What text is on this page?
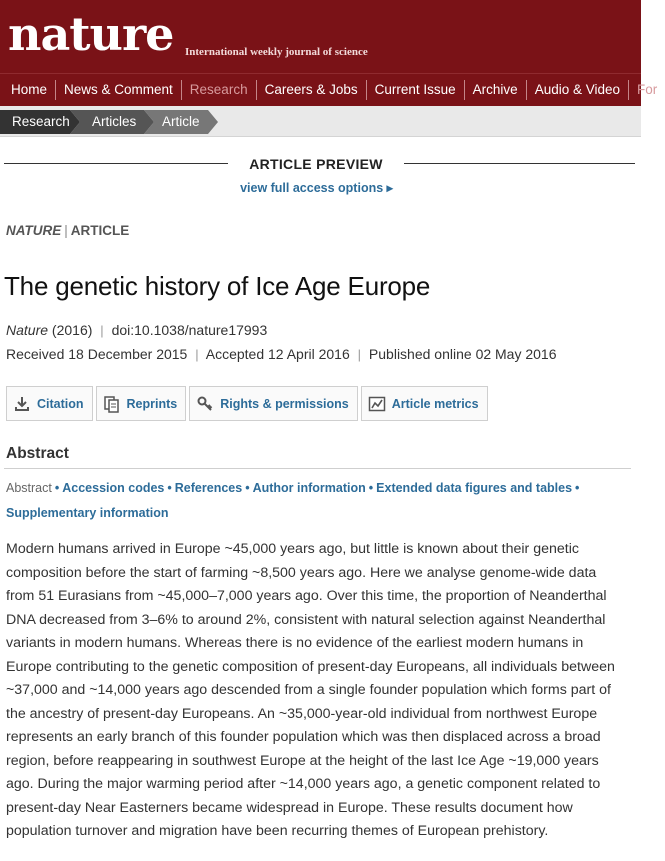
nature International weekly journal of science
Home	News & Comment	Research	Careers & Jobs	Current Issue	Archive	Audio & Video	For
Research	Articles	Article
ARTICLE PREVIEW
view full access options ▸
NATURE | ARTICLE
The genetic history of Ice Age Europe
Nature (2016) | doi:10.1038/nature17993
Received 18 December 2015 | Accepted 12 April 2016 | Published online 02 May 2016
Citation	Reprints	Rights & permissions	Article metrics
Abstract
Abstract • Accession codes • References • Author information • Extended data figures and tables •
Supplementary information

Modern humans arrived in Europe ~45,000 years ago, but little is known about their genetic composition before the start of farming ~8,500 years ago. Here we analyse genome-wide data from 51 Eurasians from ~45,000–7,000 years ago. Over this time, the proportion of Neanderthal DNA decreased from 3–6% to around 2%, consistent with natural selection against Neanderthal variants in modern humans. Whereas there is no evidence of the earliest modern humans in Europe contributing to the genetic composition of present-day Europeans, all individuals between ~37,000 and ~14,000 years ago descended from a single founder population which forms part of the ancestry of present-day Europeans. An ~35,000-year-old individual from northwest Europe represents an early branch of this founder population which was then displaced across a broad region, before reappearing in southwest Europe at the height of the last Ice Age ~19,000 years ago. During the major warming period after ~14,000 years ago, a genetic component related to present-day Near Easterners became widespread in Europe. These results document how population turnover and migration have been recurring themes of European prehistory.
